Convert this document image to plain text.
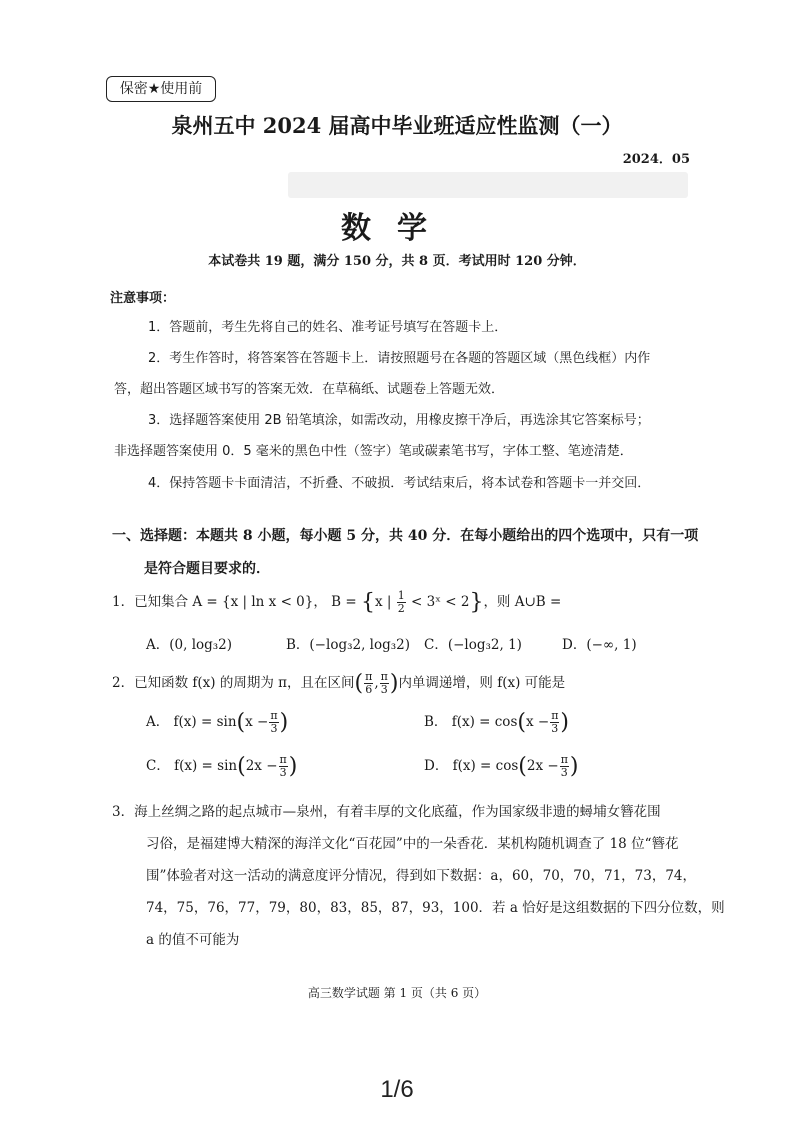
保密★使用前
泉州五中 2024 届高中毕业班适应性监测（一）
2024．05
数学
本试卷共 19 题，满分 150 分，共 8 页．考试用时 120 分钟．
注意事项：
1．答题前，考生先将自己的姓名、准考证号填写在答题卡上．
2．考生作答时，将答案答在答题卡上．请按照题号在各题的答题区域（黑色线框）内作
答，超出答题区域书写的答案无效．在草稿纸、试题卷上答题无效．
3．选择题答案使用 2B 铅笔填涂，如需改动，用橡皮擦干净后，再选涂其它答案标号；
非选择题答案使用 0．5 毫米的黑色中性（签字）笔或碳素笔书写，字体工整、笔迹清楚．
4．保持答题卡卡面清洁，不折叠、不破损．考试结束后，将本试卷和答题卡一并交回．
一、选择题：本题共 8 小题，每小题 5 分，共 40 分．在每小题给出的四个选项中，只有一项
是符合题目要求的．
1．已知集合 A = {x | ln x < 0}， B = {x | $\frac{1}{2}$ < 3ˣ < 2}，则 A∪B =
A．(0, log₃2)	B．(−log₃2, log₃2) C．(−log₃2, 1)	D．(−∞, 1)
2．已知函数 f(x) 的周期为 π，且在区间( $\frac{\pi}{6}$ , $\frac{\pi}{3}$ )内单调递增，则 f(x) 可能是
A． $f(x) = \sin(x - \frac{\pi}{3}$ )	B． $f(x) = \cos(x - \frac{\pi}{3}$ )
C． $f(x) = \sin(2x - \frac{\pi}{3}$ )	D． $f(x) = \cos(2x - \frac{\pi}{3}$ )
3．海上丝绸之路的起点城市—泉州，有着丰厚的文化底蕴，作为国家级非遗的蟳埔女簪花围
习俗，是福建博大精深的海洋文化“百花园”中的一朵香花．某机构随机调查了 18 位“簪花
围”体验者对这一活动的满意度评分情况，得到如下数据：a，60，70，70，71，73，74，
74，75，76，77，79，80，83，85，87，93，100．若 a 恰好是这组数据的下四分位数，则
a 的值不可能为
高三数学试题 第 1 页（共 6 页）
1/6
